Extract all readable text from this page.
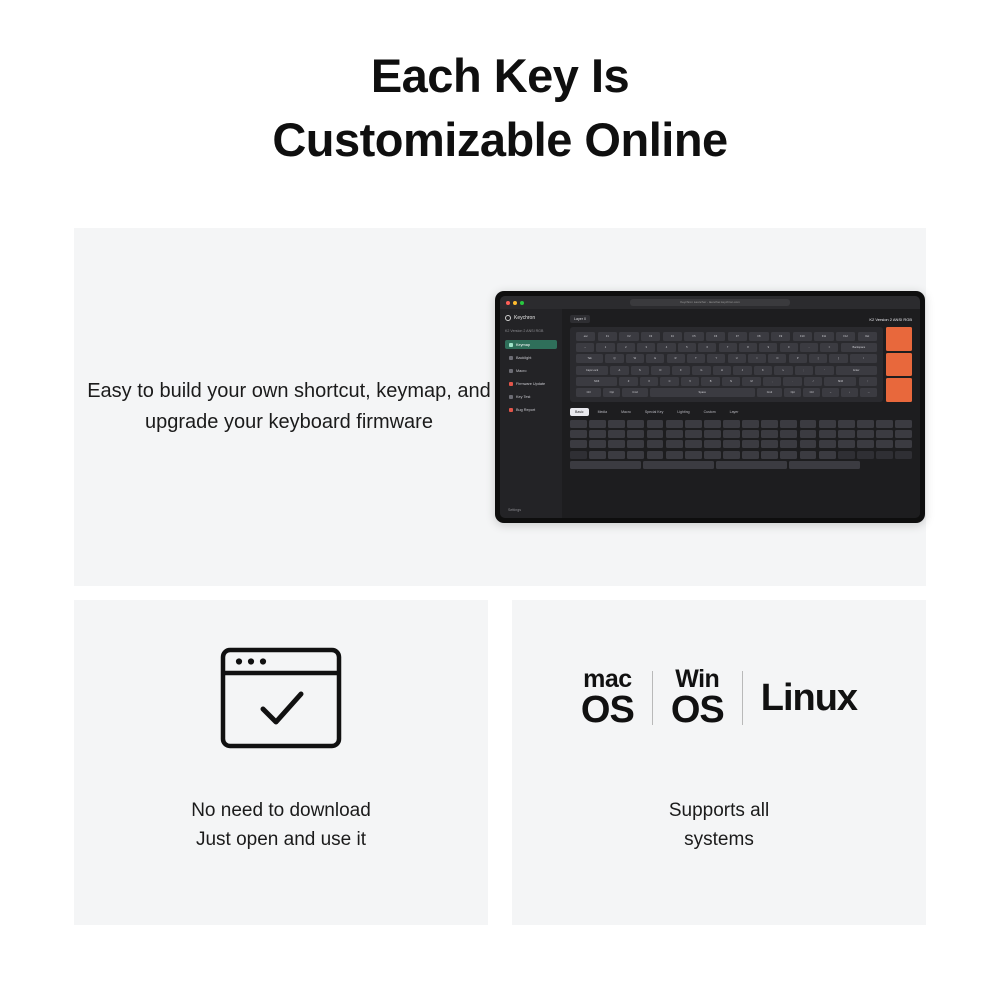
Each Key Is
Customizable Online
Easy to build your own shortcut, keymap, and upgrade your keyboard firmware
Keychron Launcher - launcher.keychron.com
Keychron
K2 Version 2 ANSI RGB
Keymap
Backlight
Macro
Firmware Update
Key Test
Bug Report
Settings
Layer 0	K2 Version 2 ANSI RGB
esc	F1	F2	F3	F4	F5	F6	F7	F8	F9	F10	F11	F12	Del
~	1	2	3	4	5	6	7	8	9	0	-	=	Backspace
Tab	Q	W	E	R	T	Y	U	I	O	P	[	]	\
Caps Lock	A	S	D	F	G	H	J	K	L	;	'	Enter
Shift	Z	X	C	V	B	N	M	,	.	/	Shift	↑
Ctrl	Opt	Cmd	Space	Cmd	Opt	Ctrl	←	↓	→
Basic	Media	Macro	Special Key	Lighting	Custom	Layer
No need to download
Just open and use it
mac
OS
Win
OS Linux
Supports all
systems
